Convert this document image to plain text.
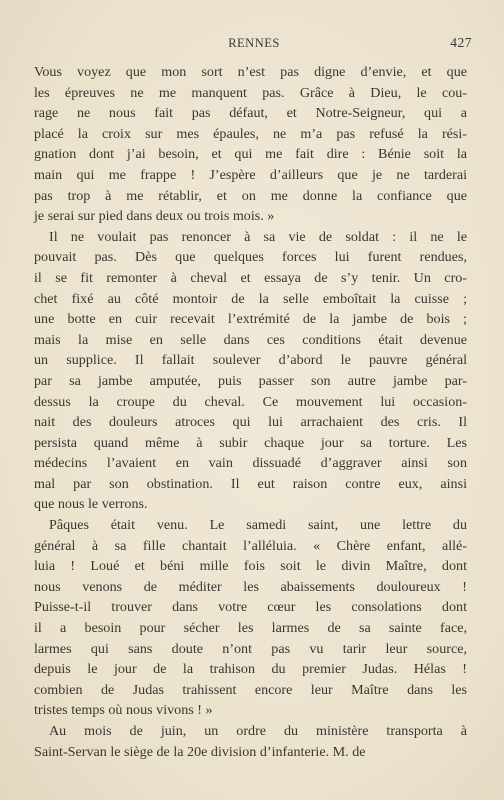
RENNES	427
Vous voyez que mon sort n’est pas digne d’envie, et que
les épreuves ne me manquent pas. Grâce à Dieu, le cou-
rage ne nous fait pas défaut, et Notre-Seigneur, qui a
placé la croix sur mes épaules, ne m’a pas refusé la rési-
gnation dont j’ai besoin, et qui me fait dire : Bénie soit la
main qui me frappe ! J’espère d’ailleurs que je ne tarderai
pas trop à me rétablir, et on me donne la confiance que
je serai sur pied dans deux ou trois mois. »
Il ne voulait pas renoncer à sa vie de soldat : il ne le
pouvait pas. Dès que quelques forces lui furent rendues,
il se fit remonter à cheval et essaya de s’y tenir. Un cro-
chet fixé au côté montoir de la selle emboîtait la cuisse ;
une botte en cuir recevait l’extrémité de la jambe de bois ;
mais la mise en selle dans ces conditions était devenue
un supplice. Il fallait soulever d’abord le pauvre général
par sa jambe amputée, puis passer son autre jambe par-
dessus la croupe du cheval. Ce mouvement lui occasion-
nait des douleurs atroces qui lui arrachaient des cris. Il
persista quand même à subir chaque jour sa torture. Les
médecins l’avaient en vain dissuadé d’aggraver ainsi son
mal par son obstination. Il eut raison contre eux, ainsi
que nous le verrons.
Pâques était venu. Le samedi saint, une lettre du
général à sa fille chantait l’alléluia. « Chère enfant, allé-
luia ! Loué et béni mille fois soit le divin Maître, dont
nous venons de méditer les abaissements douloureux !
Puisse-t-il trouver dans votre cœur les consolations dont
il a besoin pour sécher les larmes de sa sainte face,
larmes qui sans doute n’ont pas vu tarir leur source,
depuis le jour de la trahison du premier Judas. Hélas !
combien de Judas trahissent encore leur Maître dans les
tristes temps où nous vivons ! »
Au mois de juin, un ordre du ministère transporta à
Saint-Servan le siège de la 20e division d’infanterie. M. de
